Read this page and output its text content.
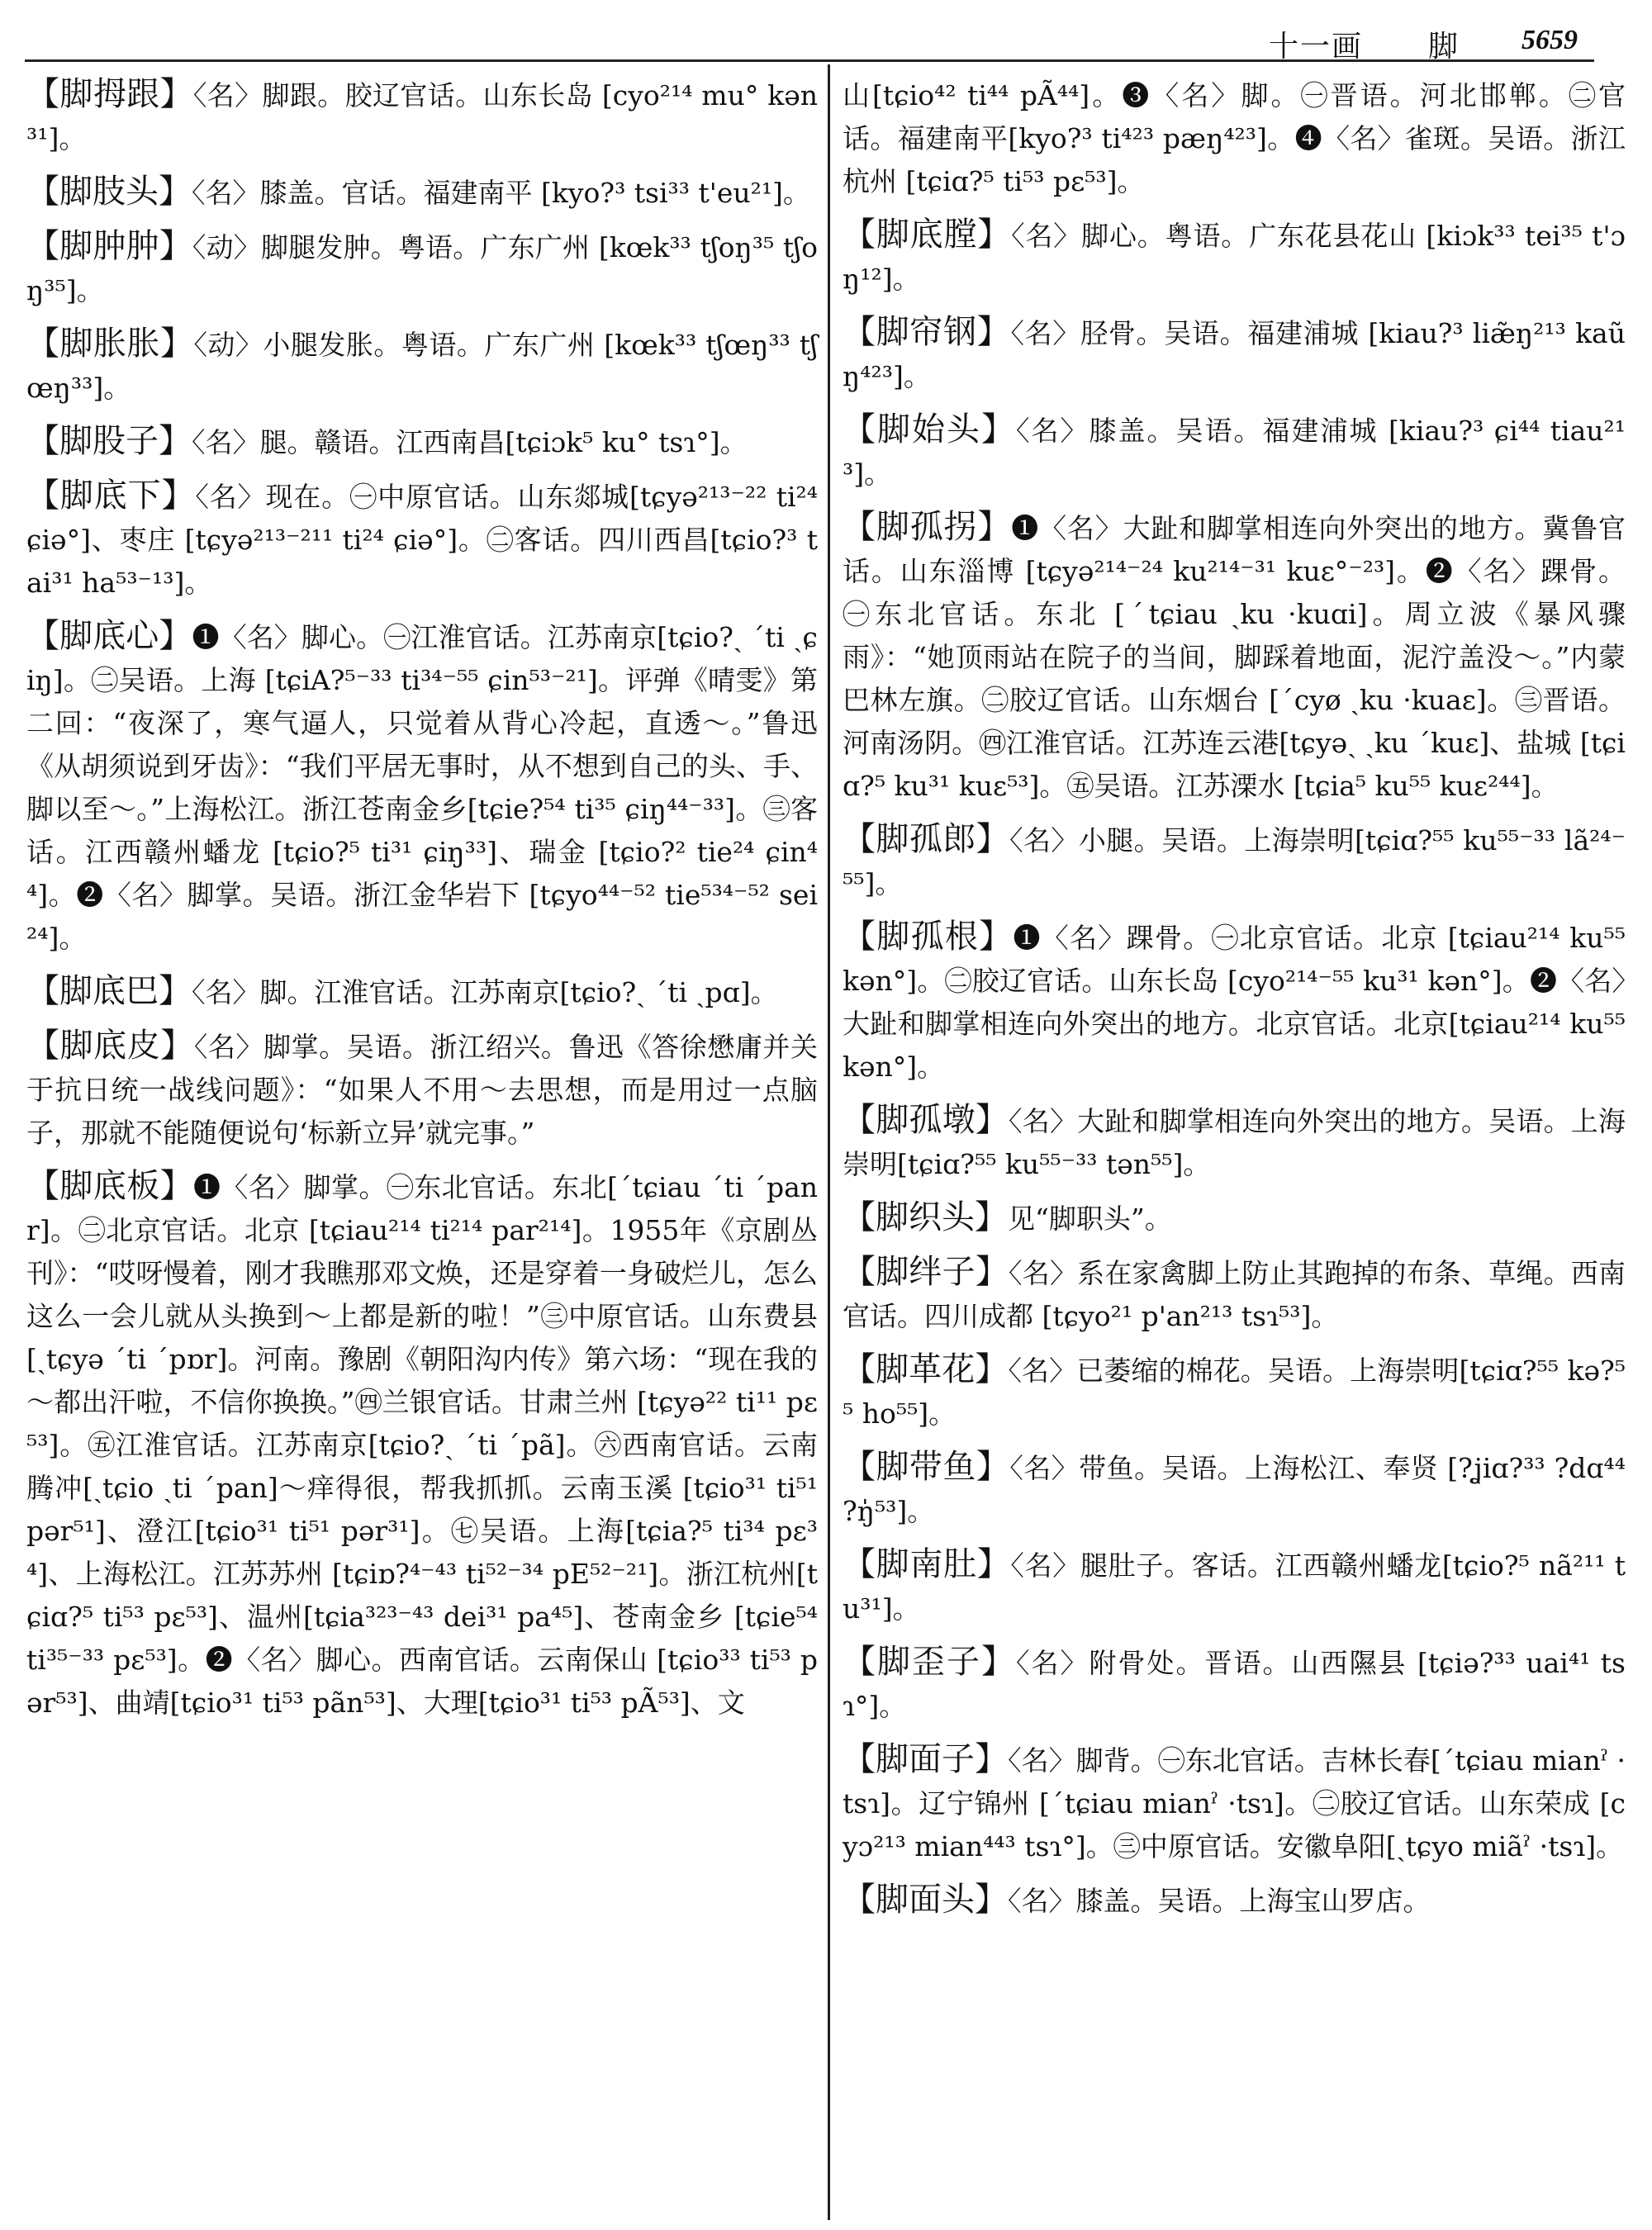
十一画 脚 5659
【脚拇跟】〈名〉脚跟。胶辽官话。山东长岛 [cyo²¹⁴ mu° kən³¹]。
【脚肢头】〈名〉膝盖。官话。福建南平 [kyo?³ tsi³³ t'eu²¹]。
【脚肿肿】〈动〉脚腿发肿。粤语。广东广州 [kœk³³ tʃoŋ³⁵ tʃoŋ³⁵]。
【脚胀胀】〈动〉小腿发胀。粤语。广东广州 [kœk³³ tʃœŋ³³ tʃœŋ³³]。
【脚股子】〈名〉腿。赣语。江西南昌[tɕiɔk⁵ ku° tsɿ°]。
【脚底下】〈名〉现在。㊀中原官话。山东郯城[tɕyə²¹³⁻²² ti²⁴ ɕiə°]、枣庄 [tɕyə²¹³⁻²¹¹ ti²⁴ ɕiə°]。㊁客话。四川西昌[tɕio?³ tai³¹ ha⁵³⁻¹³]。
【脚底心】❶〈名〉脚心。㊀江淮官话。江苏南京[tɕio?ˎ ˊti ˏɕiŋ]。㊁吴语。上海 [tɕiA?⁵⁻³³ ti³⁴⁻⁵⁵ ɕin⁵³⁻²¹]。评弹《晴雯》第二回：“夜深了，寒气逼人，只觉着从背心冷起，直透～。”鲁迅《从胡须说到牙齿》：“我们平居无事时，从不想到自己的头、手、脚以至～。”上海松江。浙江苍南金乡[tɕie?⁵⁴ ti³⁵ ɕiŋ⁴⁴⁻³³]。㊂客话。江西赣州蟠龙 [tɕio?⁵ ti³¹ ɕiŋ³³]、瑞金 [tɕio?² tie²⁴ ɕin⁴⁴]。❷〈名〉脚掌。吴语。浙江金华岩下 [tɕyo⁴⁴⁻⁵² tie⁵³⁴⁻⁵² sei²⁴]。
【脚底巴】〈名〉脚。江淮官话。江苏南京[tɕio?ˎ ˊti ˏpɑ]。
【脚底皮】〈名〉脚掌。吴语。浙江绍兴。鲁迅《答徐懋庸并关于抗日统一战线问题》：“如果人不用～去思想，而是用过一点脑子，那就不能随便说句‘标新立异’就完事。”
【脚底板】❶〈名〉脚掌。㊀东北官话。东北[ˊtɕiau ˊti ˊpanr]。㊁北京官话。北京 [tɕiau²¹⁴ ti²¹⁴ par²¹⁴]。1955年《京剧丛刊》：“哎呀慢着，刚才我瞧那邓文焕，还是穿着一身破烂儿，怎么这么一会儿就从头换到～上都是新的啦！”㊂中原官话。山东费县[ˏtɕyə ˊti ˊpɒr]。河南。豫剧《朝阳沟内传》第六场：“现在我的～都出汗啦，不信你换换。”㊃兰银官话。甘肃兰州 [tɕyə²² ti¹¹ pɛ⁵³]。㊄江淮官话。江苏南京[tɕio?ˎ ˊti ˊpã]。㊅西南官话。云南腾冲[ˏtɕio ˏti ˊpan]～痒得很，帮我抓抓。云南玉溪 [tɕio³¹ ti⁵¹ pər⁵¹]、澄江[tɕio³¹ ti⁵¹ pər³¹]。㊆吴语。上海[tɕia?⁵ ti³⁴ pɛ³⁴]、上海松江。江苏苏州 [tɕiɒ?⁴⁻⁴³ ti⁵²⁻³⁴ pE⁵²⁻²¹]。浙江杭州[tɕiɑ?⁵ ti⁵³ pɛ⁵³]、温州[tɕia³²³⁻⁴³ dei³¹ pa⁴⁵]、苍南金乡 [tɕie⁵⁴ ti³⁵⁻³³ pɛ⁵³]。❷〈名〉脚心。西南官话。云南保山 [tɕio³³ ti⁵³ pər⁵³]、曲靖[tɕio³¹ ti⁵³ pãn⁵³]、大理[tɕio³¹ ti⁵³ pÃ⁵³]、文
山[tɕio⁴² ti⁴⁴ pÃ⁴⁴]。❸〈名〉脚。㊀晋语。河北邯郸。㊁官话。福建南平[kyo?³ ti⁴²³ pæŋ⁴²³]。❹〈名〉雀斑。吴语。浙江杭州 [tɕiɑ?⁵ ti⁵³ pɛ⁵³]。
【脚底膛】〈名〉脚心。粤语。广东花县花山 [kiɔk³³ tei³⁵ t'ɔŋ¹²]。
【脚帘钢】〈名〉胫骨。吴语。福建浦城 [kiau?³ liæ̃ŋ²¹³ kaũŋ⁴²³]。
【脚始头】〈名〉膝盖。吴语。福建浦城 [kiau?³ ɕi⁴⁴ tiau²¹³]。
【脚孤拐】❶〈名〉大趾和脚掌相连向外突出的地方。冀鲁官话。山东淄博 [tɕyə²¹⁴⁻²⁴ ku²¹⁴⁻³¹ kuɛ°⁻²³]。❷〈名〉踝骨。㊀东北官话。东北 [ˊtɕiau ˏku ·kuɑi]。周立波《暴风骤雨》：“她顶雨站在院子的当间，脚踩着地面，泥泞盖没～。”内蒙巴林左旗。㊁胶辽官话。山东烟台 [ˊcyø ˏku ·kuaɛ]。㊂晋语。河南汤阴。㊃江淮官话。江苏连云港[tɕyəˎ ˏku ˊkuɛ]、盐城 [tɕiɑ?⁵ ku³¹ kuɛ⁵³]。㊄吴语。江苏溧水 [tɕia⁵ ku⁵⁵ kuɛ²⁴⁴]。
【脚孤郎】〈名〉小腿。吴语。上海崇明[tɕiɑ?⁵⁵ ku⁵⁵⁻³³ lã²⁴⁻⁵⁵]。
【脚孤根】❶〈名〉踝骨。㊀北京官话。北京 [tɕiau²¹⁴ ku⁵⁵ kən°]。㊁胶辽官话。山东长岛 [cyo²¹⁴⁻⁵⁵ ku³¹ kən°]。❷〈名〉大趾和脚掌相连向外突出的地方。北京官话。北京[tɕiau²¹⁴ ku⁵⁵ kən°]。
【脚孤墩】〈名〉大趾和脚掌相连向外突出的地方。吴语。上海崇明[tɕiɑ?⁵⁵ ku⁵⁵⁻³³ tən⁵⁵]。
【脚织头】见“脚职头”。
【脚绊子】〈名〉系在家禽脚上防止其跑掉的布条、草绳。西南官话。四川成都 [tɕyo²¹ p'an²¹³ tsɿ⁵³]。
【脚革花】〈名〉已萎缩的棉花。吴语。上海崇明[tɕiɑ?⁵⁵ kə?⁵⁵ ho⁵⁵]。
【脚带鱼】〈名〉带鱼。吴语。上海松江、奉贤 [?ʝiɑ?³³ ?dɑ⁴⁴ ?ŋ̍⁵³]。
【脚南肚】〈名〉腿肚子。客话。江西赣州蟠龙[tɕio?⁵ nã²¹¹ tu³¹]。
【脚歪子】〈名〉附骨处。晋语。山西隰县 [tɕiə?³³ uai⁴¹ tsɿ°]。
【脚面子】〈名〉脚背。㊀东北官话。吉林长春[ˊtɕiau mianˀ ·tsɿ]。辽宁锦州 [ˊtɕiau mianˀ ·tsɿ]。㊁胶辽官话。山东荣成 [cyɔ²¹³ mian⁴⁴³ tsɿ°]。㊂中原官话。安徽阜阳[ˏtɕyo miãˀ ·tsɿ]。
【脚面头】〈名〉膝盖。吴语。上海宝山罗店。
